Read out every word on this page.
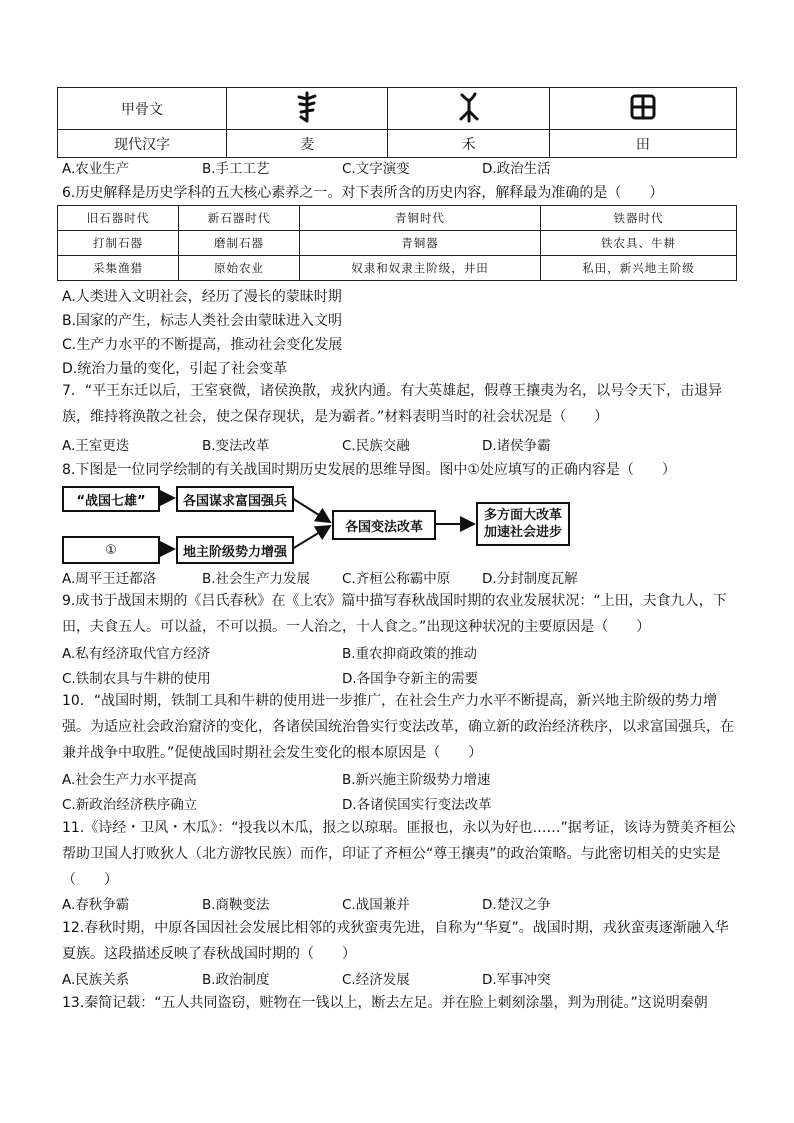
甲骨文			
现代汉字	麦	禾	田
A.农业生产	B.手工工艺	C.文字演变	D.政治生活
6.历史解释是历史学科的五大核心素养之一。对下表所含的历史内容，解释最为准确的是（　　）
旧石器时代	新石器时代	青铜时代	铁器时代
打制石器	磨制石器	青铜器	铁农具、牛耕
采集渔猎	原始农业	奴隶和奴隶主阶级，井田	私田，新兴地主阶级
A.人类进入文明社会，经历了漫长的蒙昧时期
B.国家的产生，标志人类社会由蒙昧进入文明
C.生产力水平的不断提高，推动社会变化发展
D.统治力量的变化，引起了社会变革
7．“平王东迁以后，王室衰微，诸侯涣散，戎狄内通。有大英雄起，假尊王攘夷为名，以号令天下，击退异族，维持将涣散之社会，使之保存现状，是为霸者。”材料表明当时的社会状况是（　　）
A.王室更迭	B.变法改革	C.民族交融	D.诸侯争霸
8.下图是一位同学绘制的有关战国时期历史发展的思维导图。图中①处应填写的正确内容是（　　）
“战国七雄”	各国谋求富国强兵
①	地主阶级势力增强
各国变法改革
多方面大改革
加速社会进步
A.周平王迁都洛	B.社会生产力发展 C.齐桓公称霸中原 D.分封制度瓦解
9.成书于战国末期的《吕氏春秋》在《上农》篇中描写春秋战国时期的农业发展状况：“上田，夫食九人，下田，夫食五人。可以益，不可以损。一人治之，十人食之。”出现这种状况的主要原因是（　　）
A.私有经济取代官方经济	B.重农抑商政策的推动
C.铁制农具与牛耕的使用	D.各国争夺新主的需要
10．“战国时期，铁制工具和牛耕的使用进一步推广，在社会生产力水平不断提高，新兴地主阶级的势力增强。为适应社会政治窟济的变化，各诸侯国统治鲁实行变法改革，确立新的政治经济秩序，以求富国强兵，在兼并战争中取胜。”促使战国时期社会发生变化的根本原因是（　　）
A.社会生产力水平提高	B.新兴施主阶级势力增速
C.新政治经济秩序确立	D.各诸侯国实行变法改革
11.《诗经・卫风・木瓜》：“投我以木瓜，报之以琼琚。匪报也，永以为好也……”据考证，该诗为赞美齐桓公帮助卫国人打败狄人（北方游牧民族）而作，印证了齐桓公“尊王攘夷”的政治策略。与此密切相关的史实是（　　）
A.春秋争霸	B.商鞅变法	C.战国兼并	D.楚汉之争
12.春秋时期，中原各国因社会发展比相邻的戎狄蛮夷先进，自称为“华夏”。战国时期，戎狄蛮夷逐渐融入华夏族。这段描述反映了春秋战国时期的（　　）
A.民族关系	B.政治制度	C.经济发展	D.军事冲突
13.秦简记载：“五人共同盗窃，赃物在一钱以上，断去左足。并在脸上刺刻涂墨，判为刑徒。”这说明秦朝
